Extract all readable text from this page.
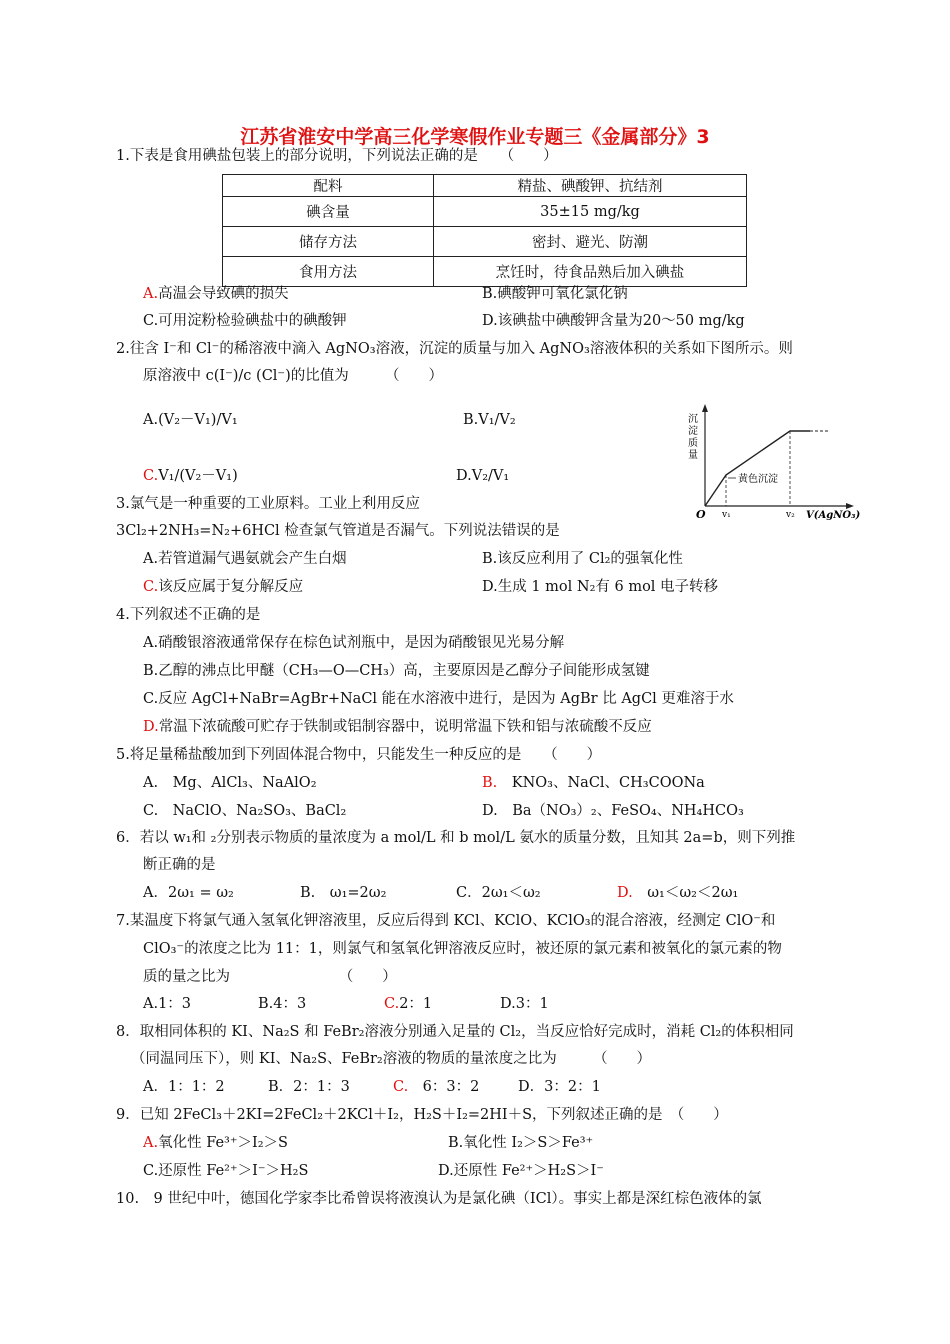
江苏省淮安中学高三化学寒假作业专题三《金属部分》3
1.下表是食用碘盐包装上的部分说明，下列说法正确的是　　（　　）
配料	精盐、碘酸钾、抗结剂
碘含量	35±15 mg/kg
储存方法	密封、避光、防潮
食用方法	烹饪时，待食品熟后加入碘盐
A.高温会导致碘的损失	B.碘酸钾可氧化氯化钠
C.可用淀粉检验碘盐中的碘酸钾	D.该碘盐中碘酸钾含量为20～50 mg/kg
2.往含 I⁻和 Cl⁻的稀溶液中滴入 AgNO₃溶液，沉淀的质量与加入 AgNO₃溶液体积的关系如下图所示。则
原溶液中 c(I⁻)/c (Cl⁻)的比值为　　　（　　）
A.(V₂－V₁)/V₁	B.V₁/V₂
C.V₁/(V₂－V₁)	D.V₂/V₁
沉淀质量
黄色沉淀
O v₁	v₂ V(AgNO₃)
3.氯气是一种重要的工业原料。工业上利用反应
3Cl₂+2NH₃=N₂+6HCl 检查氯气管道是否漏气。下列说法错误的是
A.若管道漏气遇氨就会产生白烟	B.该反应利用了 Cl₂的强氧化性
C.该反应属于复分解反应	D.生成 1 mol N₂有 6 mol 电子转移
4.下列叙述不正确的是
A.硝酸银溶液通常保存在棕色试剂瓶中，是因为硝酸银见光易分解
B.乙醇的沸点比甲醚（CH₃—O—CH₃）高，主要原因是乙醇分子间能形成氢键
C.反应 AgCl+NaBr=AgBr+NaCl 能在水溶液中进行，是因为 AgBr 比 AgCl 更难溶于水
D.常温下浓硫酸可贮存于铁制或铝制容器中，说明常温下铁和铝与浓硫酸不反应
5.将足量稀盐酸加到下列固体混合物中，只能发生一种反应的是　　（　　）
A.　Mg、AlCl₃、NaAlO₂	B.　KNO₃、NaCl、CH₃COONa
C.　NaClO、Na₂SO₃、BaCl₂	D.　Ba（NO₃）₂、FeSO₄、NH₄HCO₃
6．若以 w₁和 ₂分别表示物质的量浓度为 a mol/L 和 b mol/L 氨水的质量分数，且知其 2a=b，则下列推
断正确的是
A．2ω₁ = ω₂	B.　ω₁=2ω₂	C．2ω₁＜ω₂	D.　ω₁＜ω₂＜2ω₁
7.某温度下将氯气通入氢氧化钾溶液里，反应后得到 KCl、KClO、KClO₃的混合溶液，经测定 ClO⁻和
ClO₃⁻的浓度之比为 11：1，则氯气和氢氧化钾溶液反应时，被还原的氯元素和被氧化的氯元素的物
质的量之比为　　　　　　　　（　　）
A.1：3	B.4：3	C.2：1	D.3：1
8．取相同体积的 KI、Na₂S 和 FeBr₂溶液分别通入足量的 Cl₂，当反应恰好完成时，消耗 Cl₂的体积相同
（同温同压下），则 KI、Na₂S、FeBr₂溶液的物质的量浓度之比为　　　（　　）
A．1：1：2	B．2：1：3	C.　6：3：2	D．3：2：1
9．已知 2FeCl₃＋2KI=2FeCl₂＋2KCl＋I₂，H₂S＋I₂=2HI＋S，下列叙述正确的是　（　　）
A.氧化性 Fe³⁺＞I₂＞S	B.氧化性 I₂＞S＞Fe³⁺
C.还原性 Fe²⁺＞I⁻＞H₂S	D.还原性 Fe²⁺＞H₂S＞I⁻
10.　9 世纪中叶，德国化学家李比希曾误将液溴认为是氯化碘（ICl）。事实上都是深红棕色液体的氯
